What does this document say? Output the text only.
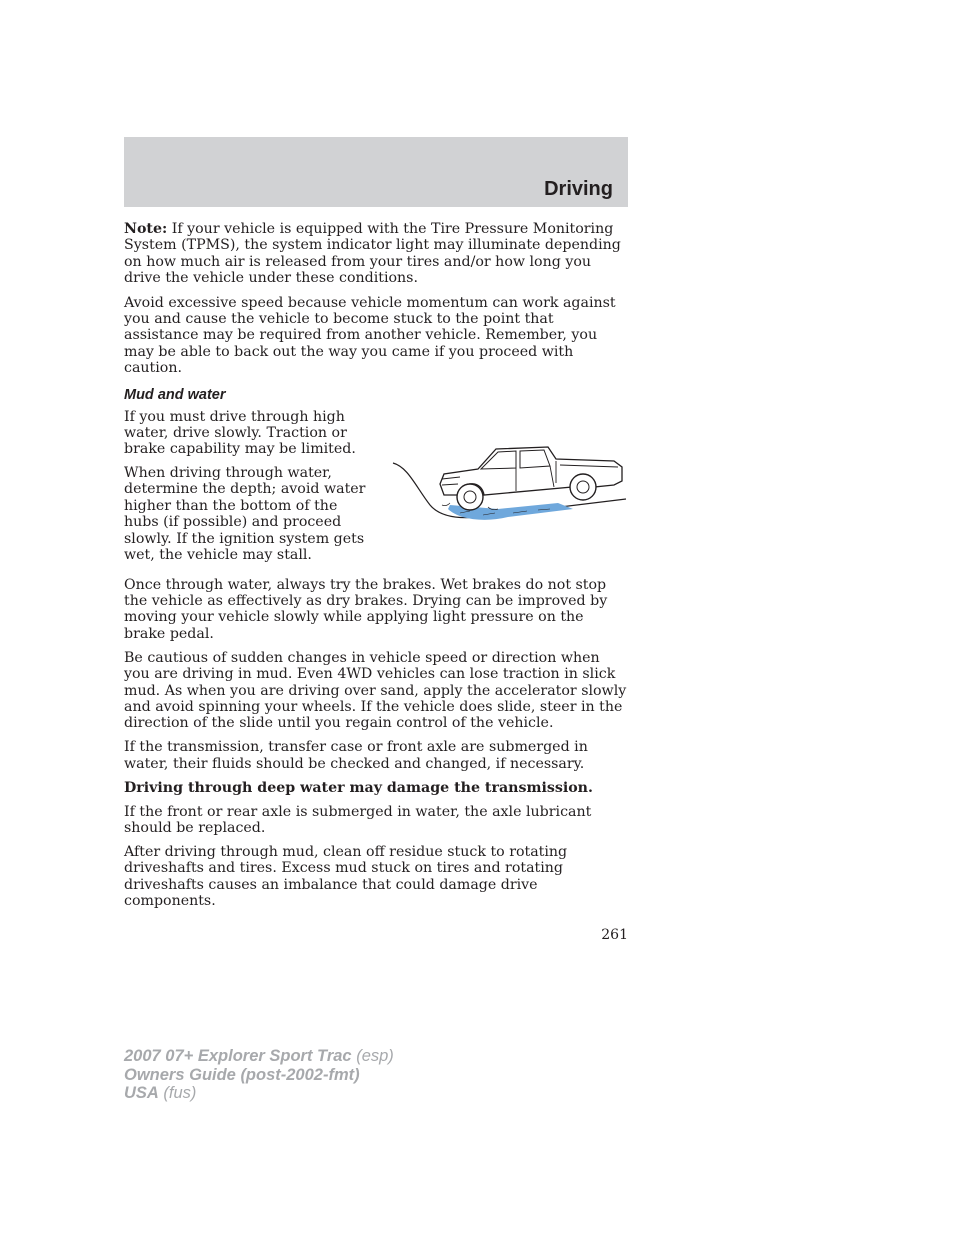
Driving

Note: If your vehicle is equipped with the Tire Pressure Monitoring System (TPMS), the system indicator light may illuminate depending on how much air is released from your tires and/or how long you drive the vehicle under these conditions.

Avoid excessive speed because vehicle momentum can work against you and cause the vehicle to become stuck to the point that assistance may be required from another vehicle. Remember, you may be able to back out the way you came if you proceed with caution.

Mud and water

If you must drive through high water, drive slowly. Traction or brake capability may be limited.

When driving through water, determine the depth; avoid water higher than the bottom of the hubs (if possible) and proceed slowly. If the ignition system gets wet, the vehicle may stall.

Once through water, always try the brakes. Wet brakes do not stop the vehicle as effectively as dry brakes. Drying can be improved by moving your vehicle slowly while applying light pressure on the brake pedal.

Be cautious of sudden changes in vehicle speed or direction when you are driving in mud. Even 4WD vehicles can lose traction in slick mud. As when you are driving over sand, apply the accelerator slowly and avoid spinning your wheels. If the vehicle does slide, steer in the direction of the slide until you regain control of the vehicle.

If the transmission, transfer case or front axle are submerged in water, their fluids should be checked and changed, if necessary.

Driving through deep water may damage the transmission.

If the front or rear axle is submerged in water, the axle lubricant should be replaced.

After driving through mud, clean off residue stuck to rotating driveshafts and tires. Excess mud stuck on tires and rotating driveshafts causes an imbalance that could damage drive components.

261
2007 07+ Explorer Sport Trac (esp)
Owners Guide (post-2002-fmt)
USA (fus)
